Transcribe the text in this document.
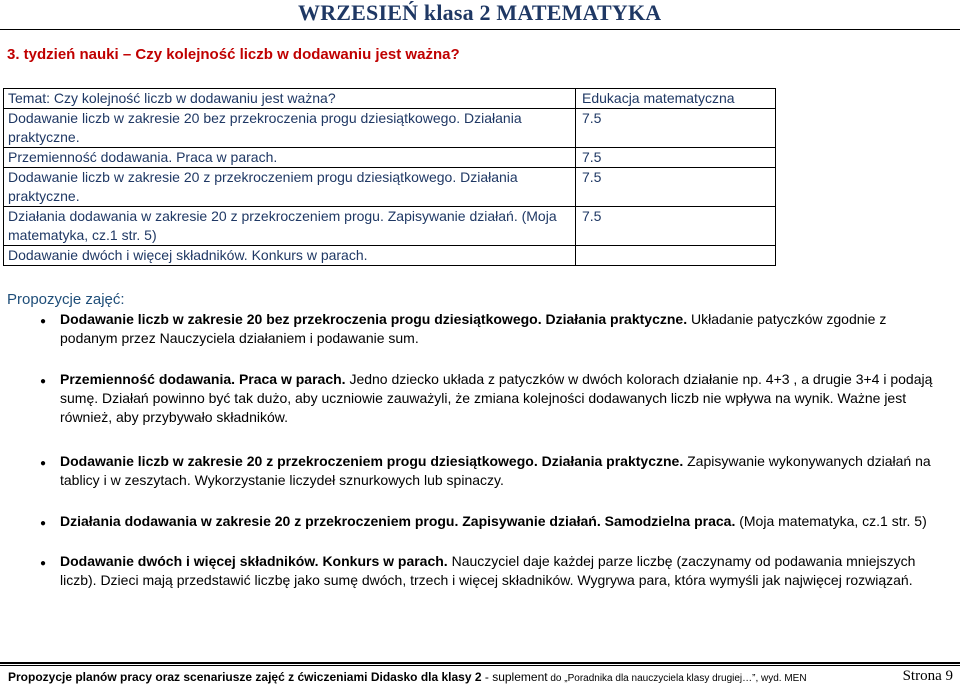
WRZESIEŃ klasa 2 MATEMATYKA
3. tydzień nauki – Czy kolejność liczb w dodawaniu jest ważna?
Temat: Czy kolejność liczb w dodawaniu jest ważna?	Edukacja matematyczna
Dodawanie liczb w zakresie 20 bez przekroczenia progu dziesiątkowego. Działania praktyczne.	7.5
Przemienność dodawania. Praca w parach.	7.5
Dodawanie liczb w zakresie 20 z przekroczeniem progu dziesiątkowego. Działania praktyczne.	7.5
Działania dodawania w zakresie 20 z przekroczeniem progu. Zapisywanie działań. (Moja matematyka, cz.1 str. 5)	7.5
Dodawanie dwóch i więcej składników. Konkurs w parach.	
Propozycje zajęć:
●
Dodawanie liczb w zakresie 20 bez przekroczenia progu dziesiątkowego. Działania praktyczne. Układanie patyczków zgodnie z podanym przez Nauczyciela działaniem i podawanie sum.
●
Przemienność dodawania. Praca w parach. Jedno dziecko układa z patyczków w dwóch kolorach działanie np. 4+3 , a drugie 3+4 i podają sumę. Działań powinno być tak dużo, aby uczniowie zauważyli, że zmiana kolejności dodawanych liczb nie wpływa na wynik. Ważne jest również, aby przybywało składników.
●
Dodawanie liczb w zakresie 20 z przekroczeniem progu dziesiątkowego. Działania praktyczne. Zapisywanie wykonywanych działań na tablicy i w zeszytach. Wykorzystanie liczydeł sznurkowych lub spinaczy.
●
Działania dodawania w zakresie 20 z przekroczeniem progu. Zapisywanie działań. Samodzielna praca. (Moja matematyka, cz.1 str. 5)
●
Dodawanie dwóch i więcej składników. Konkurs w parach. Nauczyciel daje każdej parze liczbę (zaczynamy od podawania mniejszych liczb). Dzieci mają przedstawić liczbę jako sumę dwóch, trzech i więcej składników. Wygrywa para, która wymyśli jak najwięcej rozwiązań.
Propozycje planów pracy oraz scenariusze zajęć z ćwiczeniami Didasko dla klasy 2 - suplement do „Poradnika dla nauczyciela klasy drugiej…”, wyd. MEN	Strona 9
